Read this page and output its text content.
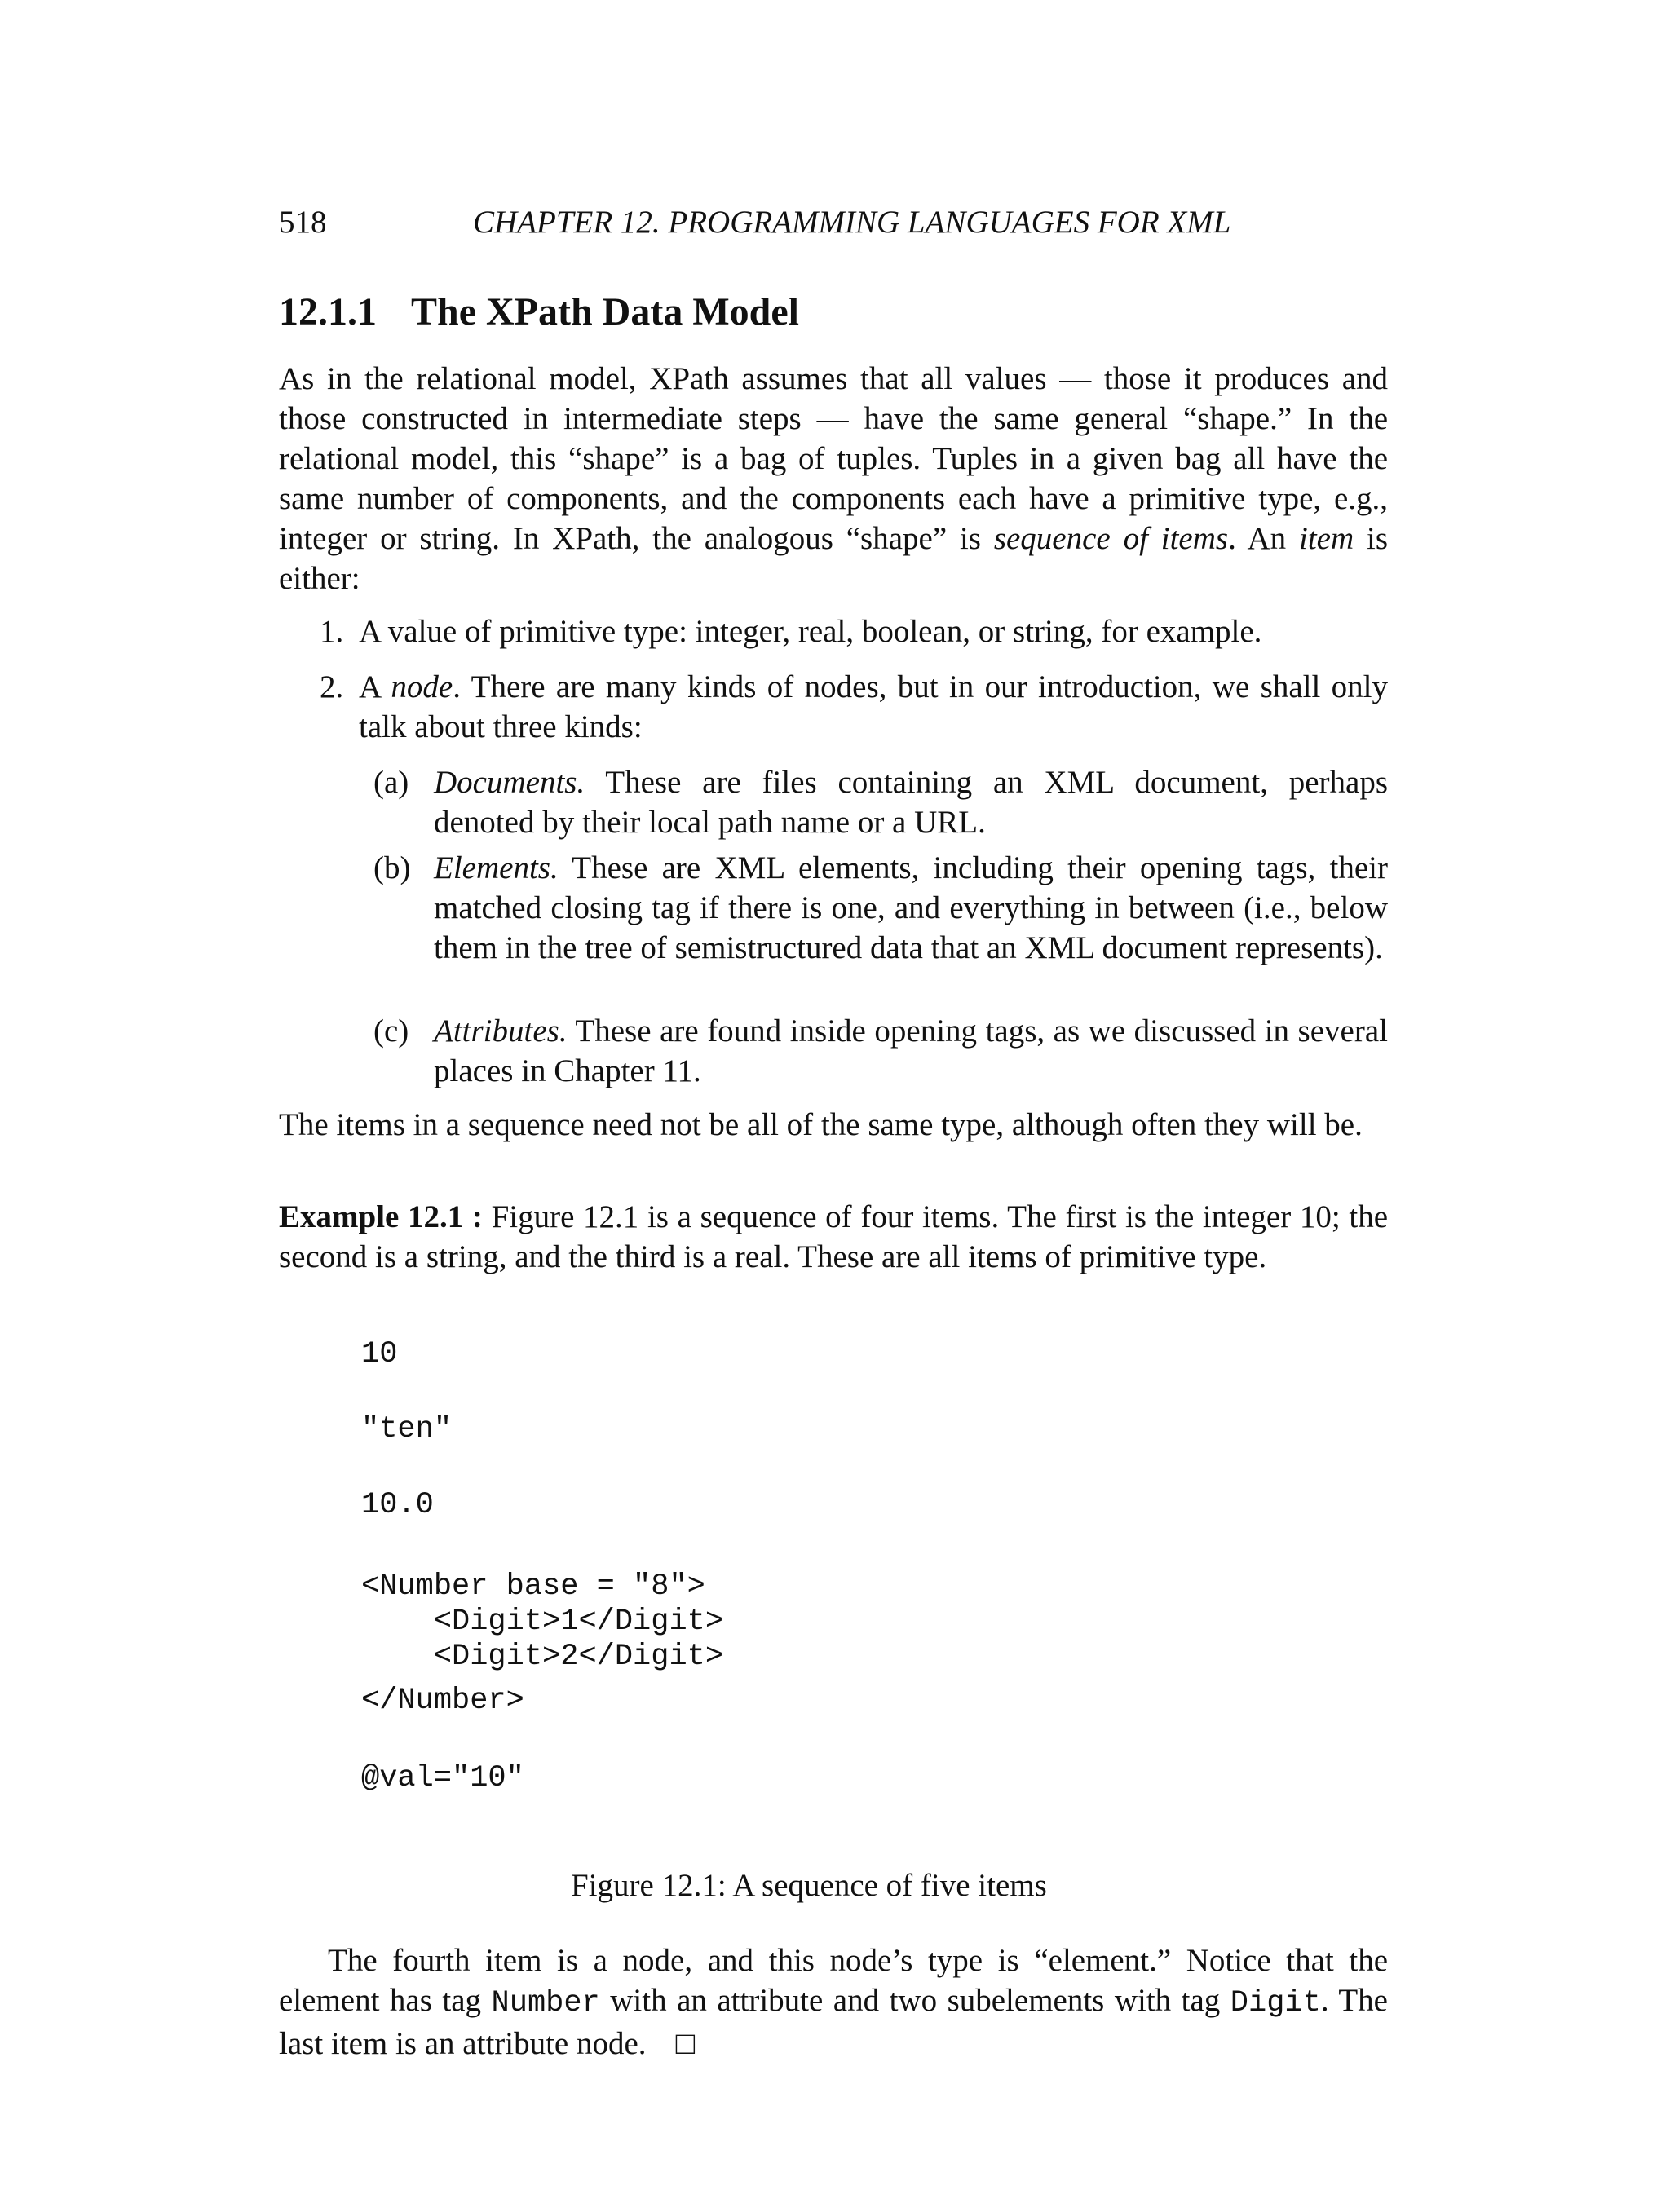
518	CHAPTER 12. PROGRAMMING LANGUAGES FOR XML
12.1.1 The XPath Data Model

As in the relational model, XPath assumes that all values — those it produces and those constructed in intermediate steps — have the same general “shape.” In the relational model, this “shape” is a bag of tuples. Tuples in a given bag all have the same number of components, and the components each have a primitive type, e.g., integer or string. In XPath, the analogous “shape” is sequence of items. An item is either:

1. A value of primitive type: integer, real, boolean, or string, for example.
2. A node. There are many kinds of nodes, but in our introduction, we shall only talk about three kinds:
(a) Documents. These are files containing an XML document, perhaps denoted by their local path name or a URL.
(b) Elements. These are XML elements, including their opening tags, their matched closing tag if there is one, and everything in between (i.e., below them in the tree of semistructured data that an XML document represents).
(c) Attributes. These are found inside opening tags, as we discussed in several places in Chapter 11.

The items in a sequence need not be all of the same type, although often they will be.

Example 12.1 : Figure 12.1 is a sequence of four items. The first is the integer 10; the second is a string, and the third is a real. These are all items of primitive type.

10
"ten"
10.0
<Number base = "8">
<Digit>1</Digit>
<Digit>2</Digit>
</Number>
@val="10"
Figure 12.1: A sequence of five items

The fourth item is a node, and this node’s type is “element.” Notice that the element has tag Number with an attribute and two subelements with tag Digit. The last item is an attribute node. □
